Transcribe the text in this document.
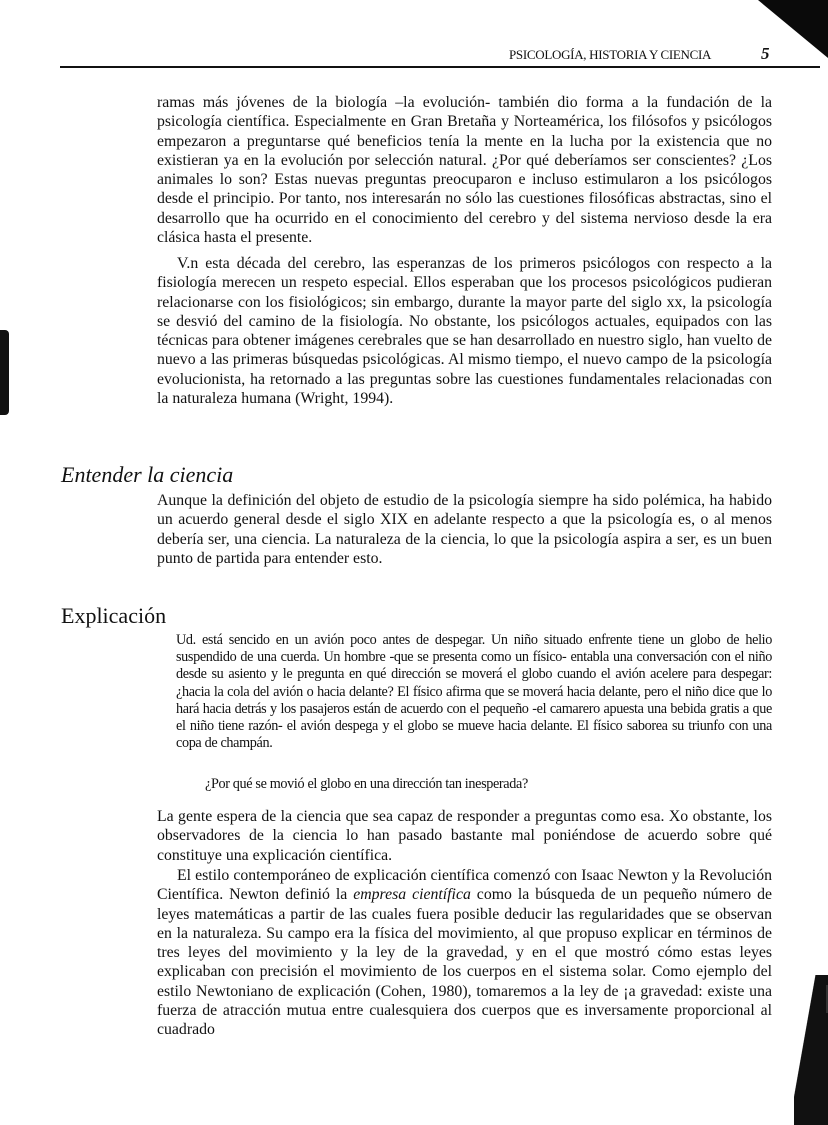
PSICOLOGÍA, HISTORIA Y CIENCIA	5

ramas más jóvenes de la biología –la evolución- también dio forma a la fundación de la psicología científica. Especialmente en Gran Bretaña y Norteamérica, los filósofos y psicólogos empezaron a preguntarse qué beneficios tenía la mente en la lucha por la existencia que no existieran ya en la evolución por selección natural. ¿Por qué deberíamos ser conscientes? ¿Los animales lo son? Estas nuevas preguntas preocuparon e incluso estimularon a los psicólogos desde el principio. Por tanto, nos interesarán no sólo las cuestiones filosóficas abstractas, sino el desarrollo que ha ocurrido en el conocimiento del cerebro y del sistema nervioso desde la era clásica hasta el presente.

V.n esta década del cerebro, las esperanzas de los primeros psicólogos con respecto a la fisiología merecen un respeto especial. Ellos esperaban que los procesos psicológicos pudieran relacionarse con los fisiológicos; sin embargo, durante la mayor parte del siglo xx, la psicología se desvió del camino de la fisiología. No obstante, los psicólogos actuales, equipados con las técnicas para obtener imágenes cerebrales que se han desarrollado en nuestro siglo, han vuelto de nuevo a las primeras búsquedas psicológicas. Al mismo tiempo, el nuevo campo de la psicología evolucionista, ha retornado a las preguntas sobre las cuestiones fundamentales relacionadas con la naturaleza humana (Wright, 1994).

Entender la ciencia

Aunque la definición del objeto de estudio de la psicología siempre ha sido polémica, ha habido un acuerdo general desde el siglo XIX en adelante respecto a que la psicología es, o al menos debería ser, una ciencia. La naturaleza de la ciencia, lo que la psicología aspira a ser, es un buen punto de partida para entender esto.

Explicación

Ud. está sencido en un avión poco antes de despegar. Un niño situado enfrente tiene un globo de helio suspendido de una cuerda. Un hombre -que se presenta como un físico- entabla una conversación con el niño desde su asiento y le pregunta en qué dirección se moverá el globo cuando el avión acelere para despegar: ¿hacia la cola del avión o hacia delante? El físico afirma que se moverá hacia delante, pero el niño dice que lo hará hacia detrás y los pasajeros están de acuerdo con el pequeño -el camarero apuesta una bebida gratis a que el niño tiene razón- el avión despega y el globo se mueve hacia delante. El físico saborea su triunfo con una copa de champán.

¿Por qué se movió el globo en una dirección tan inesperada?

La gente espera de la ciencia que sea capaz de responder a preguntas como esa. Xo obstante, los observadores de la ciencia lo han pasado bastante mal poniéndose de acuerdo sobre qué constituye una explicación científica.

El estilo contemporáneo de explicación científica comenzó con Isaac Newton y la Revolución Científica. Newton definió la empresa científica como la búsqueda de un pequeño número de leyes matemáticas a partir de las cuales fuera posible deducir las regularidades que se observan en la naturaleza. Su campo era la física del movimiento, al que propuso explicar en términos de tres leyes del movimiento y la ley de la gravedad, y en el que mostró cómo estas leyes explicaban con precisión el movimiento de los cuerpos en el sistema solar. Como ejemplo del estilo Newtoniano de explicación (Cohen, 1980), tomaremos a la ley de ¡a gravedad: existe una fuerza de atracción mutua entre cualesquiera dos cuerpos que es inversamente proporcional al cuadrado
